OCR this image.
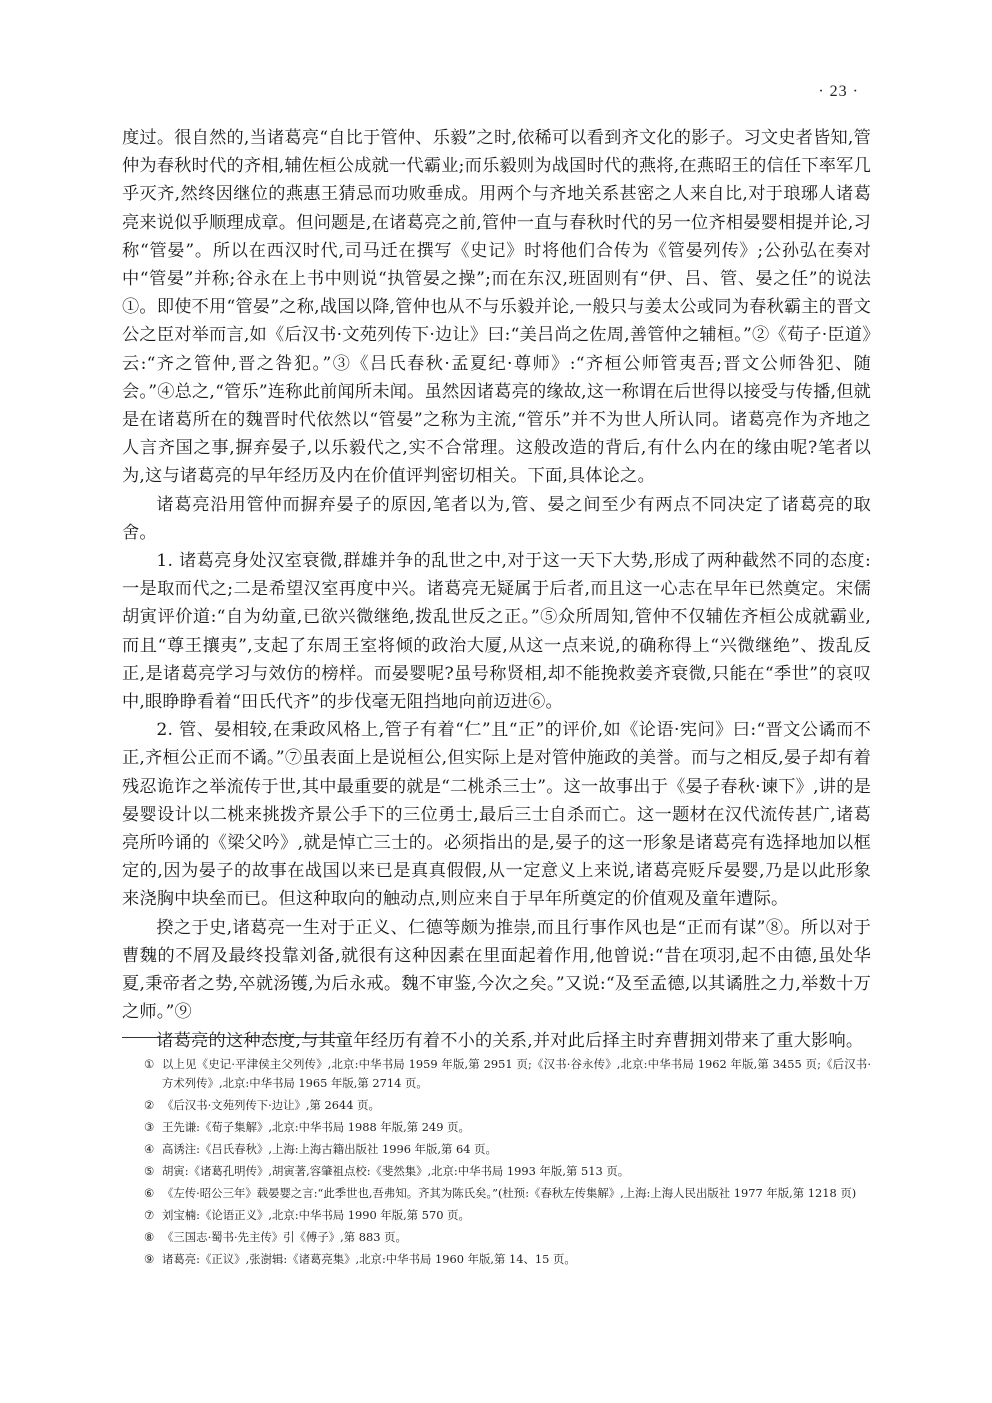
· 23 ·

度过。很自然的,当诸葛亮“自比于管仲、乐毅”之时,依稀可以看到齐文化的影子。习文史者皆知,管仲为春秋时代的齐相,辅佐桓公成就一代霸业;而乐毅则为战国时代的燕将,在燕昭王的信任下率军几乎灭齐,然终因继位的燕惠王猜忌而功败垂成。用两个与齐地关系甚密之人来自比,对于琅琊人诸葛亮来说似乎顺理成章。但问题是,在诸葛亮之前,管仲一直与春秋时代的另一位齐相晏婴相提并论,习称“管晏”。所以在西汉时代,司马迁在撰写《史记》时将他们合传为《管晏列传》;公孙弘在奏对中“管晏”并称;谷永在上书中则说“执管晏之操”;而在东汉,班固则有“伊、吕、管、晏之任”的说法①。即使不用“管晏”之称,战国以降,管仲也从不与乐毅并论,一般只与姜太公或同为春秋霸主的晋文公之臣对举而言,如《后汉书·文苑列传下·边让》曰:“美吕尚之佐周,善管仲之辅桓。”②《荀子·臣道》云:“齐之管仲,晋之咎犯。”③《吕氏春秋·孟夏纪·尊师》:“齐桓公师管夷吾;晋文公师咎犯、随会。”④总之,“管乐”连称此前闻所未闻。虽然因诸葛亮的缘故,这一称谓在后世得以接受与传播,但就是在诸葛所在的魏晋时代依然以“管晏”之称为主流,“管乐”并不为世人所认同。诸葛亮作为齐地之人言齐国之事,摒弃晏子,以乐毅代之,实不合常理。这般改造的背后,有什么内在的缘由呢?笔者以为,这与诸葛亮的早年经历及内在价值评判密切相关。下面,具体论之。

诸葛亮沿用管仲而摒弃晏子的原因,笔者以为,管、晏之间至少有两点不同决定了诸葛亮的取舍。

1. 诸葛亮身处汉室衰微,群雄并争的乱世之中,对于这一天下大势,形成了两种截然不同的态度:一是取而代之;二是希望汉室再度中兴。诸葛亮无疑属于后者,而且这一心志在早年已然奠定。宋儒胡寅评价道:“自为幼童,已欲兴微继绝,拨乱世反之正。”⑤众所周知,管仲不仅辅佐齐桓公成就霸业,而且“尊王攘夷”,支起了东周王室将倾的政治大厦,从这一点来说,的确称得上“兴微继绝”、拨乱反正,是诸葛亮学习与效仿的榜样。而晏婴呢?虽号称贤相,却不能挽救姜齐衰微,只能在“季世”的哀叹中,眼睁睁看着“田氏代齐”的步伐毫无阻挡地向前迈进⑥。

2. 管、晏相较,在秉政风格上,管子有着“仁”且“正”的评价,如《论语·宪问》曰:“晋文公谲而不正,齐桓公正而不谲。”⑦虽表面上是说桓公,但实际上是对管仲施政的美誉。而与之相反,晏子却有着残忍诡诈之举流传于世,其中最重要的就是“二桃杀三士”。这一故事出于《晏子春秋·谏下》,讲的是晏婴设计以二桃来挑拨齐景公手下的三位勇士,最后三士自杀而亡。这一题材在汉代流传甚广,诸葛亮所吟诵的《梁父吟》,就是悼亡三士的。必须指出的是,晏子的这一形象是诸葛亮有选择地加以框定的,因为晏子的故事在战国以来已是真真假假,从一定意义上来说,诸葛亮贬斥晏婴,乃是以此形象来浇胸中块垒而已。但这种取向的触动点,则应来自于早年所奠定的价值观及童年遭际。

揆之于史,诸葛亮一生对于正义、仁德等颇为推崇,而且行事作风也是“正而有谋”⑧。所以对于曹魏的不屑及最终投靠刘备,就很有这种因素在里面起着作用,他曾说:“昔在项羽,起不由德,虽处华夏,秉帝者之势,卒就汤镬,为后永戒。魏不审鉴,今次之矣。”又说:“及至孟德,以其谲胜之力,举数十万之师。”⑨

诸葛亮的这种态度,与其童年经历有着不小的关系,并对此后择主时弃曹拥刘带来了重大影响。

① 以上见《史记·平津侯主父列传》,北京:中华书局 1959 年版,第 2951 页;《汉书·谷永传》,北京:中华书局 1962 年版,第 3455 页;《后汉书·方术列传》,北京:中华书局 1965 年版,第 2714 页。
② 《后汉书·文苑列传下·边让》,第 2644 页。
③ 王先谦:《荀子集解》,北京:中华书局 1988 年版,第 249 页。
④ 高诱注:《吕氏春秋》,上海:上海古籍出版社 1996 年版,第 64 页。
⑤ 胡寅:《诸葛孔明传》,胡寅著,容肇祖点校:《斐然集》,北京:中华书局 1993 年版,第 513 页。
⑥ 《左传·昭公三年》载晏婴之言:“此季世也,吾弗知。齐其为陈氏矣。”(杜预:《春秋左传集解》,上海:上海人民出版社 1977 年版,第 1218 页)
⑦ 刘宝楠:《论语正义》,北京:中华书局 1990 年版,第 570 页。
⑧ 《三国志·蜀书·先主传》引《傅子》,第 883 页。
⑨ 诸葛亮:《正议》,张澍辑:《诸葛亮集》,北京:中华书局 1960 年版,第 14、15 页。
